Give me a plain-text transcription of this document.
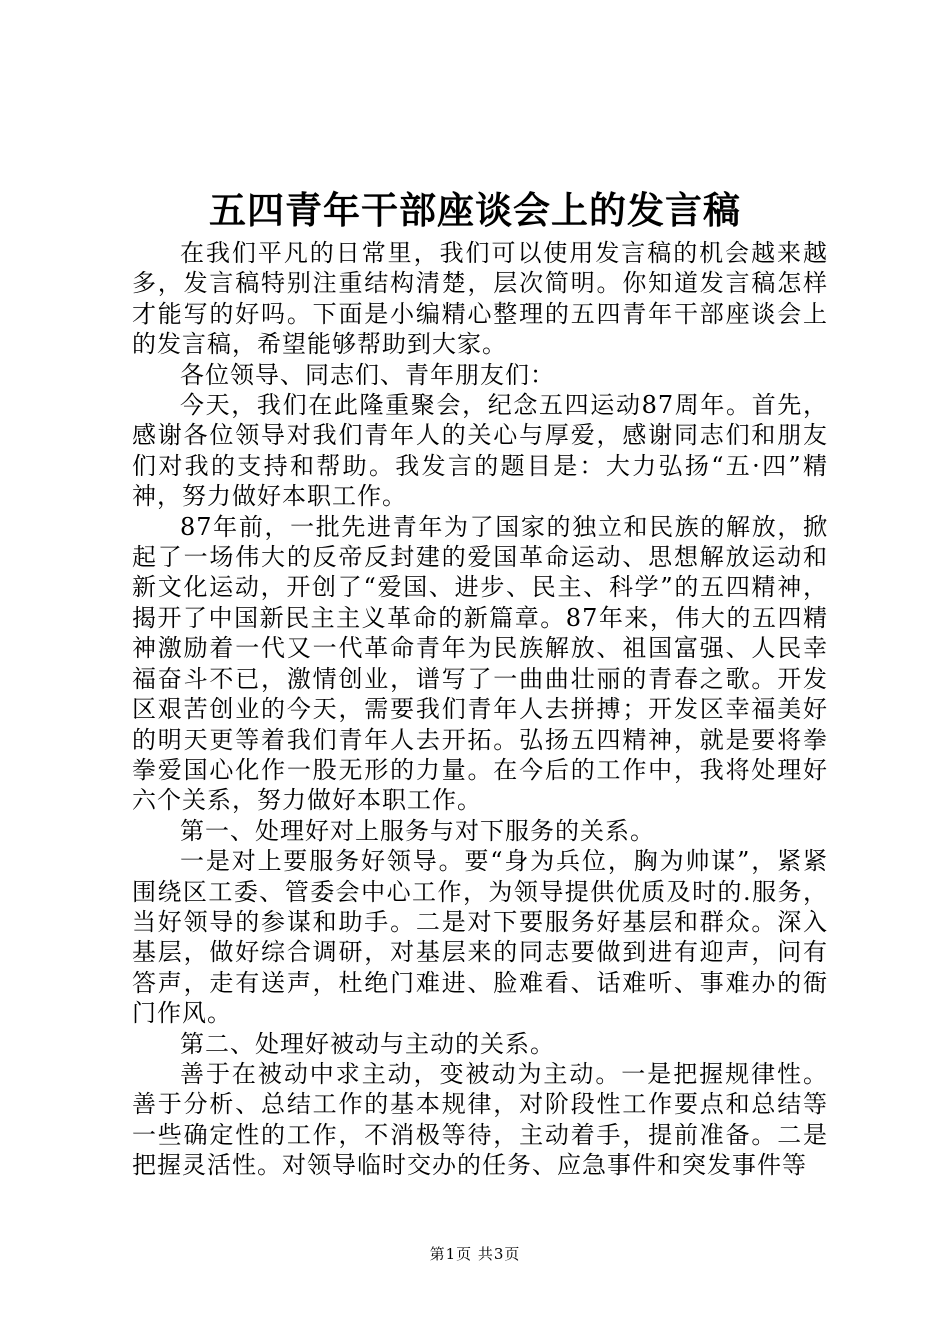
五四青年干部座谈会上的发言稿

在我们平凡的日常里，我们可以使用发言稿的机会越来越多，发言稿特别注重结构清楚，层次简明。你知道发言稿怎样才能写的好吗。下面是小编精心整理的五四青年干部座谈会上的发言稿，希望能够帮助到大家。

各位领导、同志们、青年朋友们：

今天，我们在此隆重聚会，纪念五四运动87周年。首先，感谢各位领导对我们青年人的关心与厚爱，感谢同志们和朋友们对我的支持和帮助。我发言的题目是：大力弘扬“五·四”精神，努力做好本职工作。

87年前，一批先进青年为了国家的独立和民族的解放，掀起了一场伟大的反帝反封建的爱国革命运动、思想解放运动和新文化运动，开创了“爱国、进步、民主、科学”的五四精神，揭开了中国新民主主义革命的新篇章。87年来，伟大的五四精神激励着一代又一代革命青年为民族解放、祖国富强、人民幸福奋斗不已，激情创业，谱写了一曲曲壮丽的青春之歌。开发区艰苦创业的今天，需要我们青年人去拼搏；开发区幸福美好的明天更等着我们青年人去开拓。弘扬五四精神，就是要将拳拳爱国心化作一股无形的力量。在今后的工作中，我将处理好六个关系，努力做好本职工作。

第一、处理好对上服务与对下服务的关系。

一是对上要服务好领导。要“身为兵位，胸为帅谋”，紧紧围绕区工委、管委会中心工作，为领导提供优质及时的.服务，当好领导的参谋和助手。二是对下要服务好基层和群众。深入基层，做好综合调研，对基层来的同志要做到进有迎声，问有答声，走有送声，杜绝门难进、脸难看、话难听、事难办的衙门作风。

第二、处理好被动与主动的关系。

善于在被动中求主动，变被动为主动。一是把握规律性。善于分析、总结工作的基本规律，对阶段性工作要点和总结等一些确定性的工作，不消极等待，主动着手，提前准备。二是把握灵活性。对领导临时交办的任务、应急事件和突发事件等

第1页 共3页
